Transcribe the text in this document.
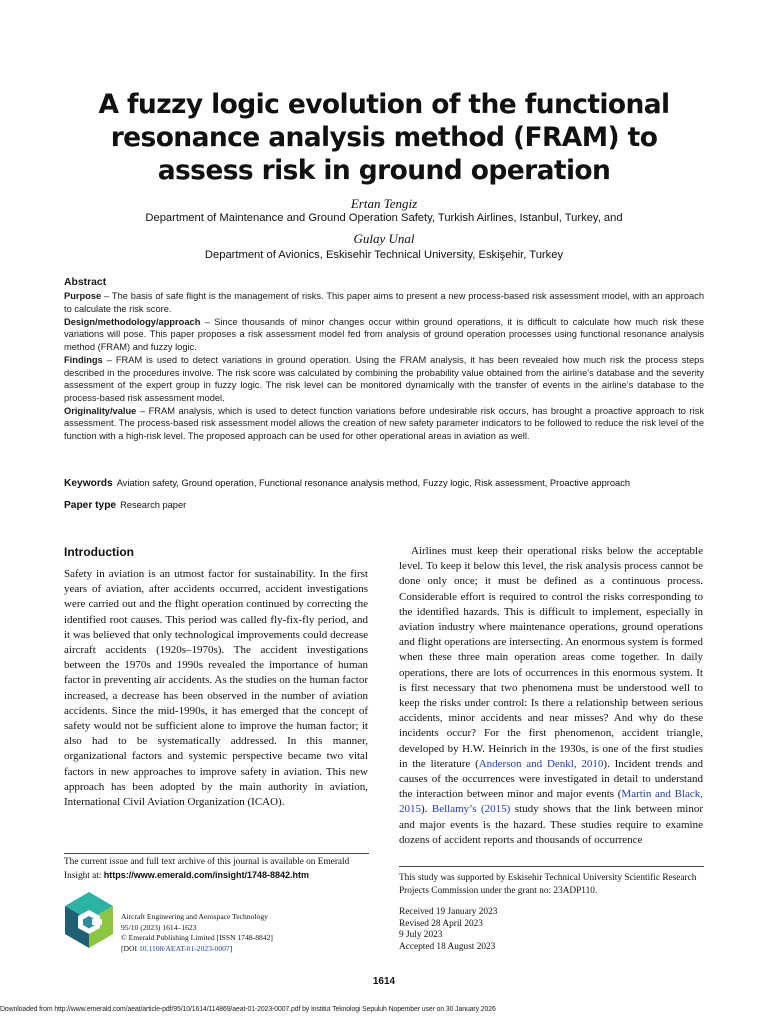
A fuzzy logic evolution of the functional resonance analysis method (FRAM) to assess risk in ground operation
Ertan Tengiz
Department of Maintenance and Ground Operation Safety, Turkish Airlines, Istanbul, Turkey, and
Gulay Unal
Department of Avionics, Eskisehir Technical University, Eskişehir, Turkey
Abstract

Purpose – The basis of safe flight is the management of risks. This paper aims to present a new process-based risk assessment model, with an approach to calculate the risk score.

Design/methodology/approach – Since thousands of minor changes occur within ground operations, it is difficult to calculate how much risk these variations will pose. This paper proposes a risk assessment model fed from analysis of ground operation processes using functional resonance analysis method (FRAM) and fuzzy logic.

Findings – FRAM is used to detect variations in ground operation. Using the FRAM analysis, it has been revealed how much risk the process steps described in the procedures involve. The risk score was calculated by combining the probability value obtained from the airline’s database and the severity assessment of the expert group in fuzzy logic. The risk level can be monitored dynamically with the transfer of events in the airline’s database to the process-based risk assessment model.

Originality/value – FRAM analysis, which is used to detect function variations before undesirable risk occurs, has brought a proactive approach to risk assessment. The process-based risk assessment model allows the creation of new safety parameter indicators to be followed to reduce the risk level of the function with a high-risk level. The proposed approach can be used for other operational areas in aviation as well.

Keywords Aviation safety, Ground operation, Functional resonance analysis method, Fuzzy logic, Risk assessment, Proactive approach
Paper type Research paper
Introduction

Safety in aviation is an utmost factor for sustainability. In the first years of aviation, after accidents occurred, accident investigations were carried out and the flight operation continued by correcting the identified root causes. This period was called fly-fix-fly period, and it was believed that only technological improvements could decrease aircraft accidents (1920s–1970s). The accident investigations between the 1970s and 1990s revealed the importance of human factor in preventing air accidents. As the studies on the human factor increased, a decrease has been observed in the number of aviation accidents. Since the mid-1990s, it has emerged that the concept of safety would not be sufficient alone to improve the human factor; it also had to be systematically addressed. In this manner, organizational factors and systemic perspective became two vital factors in new approaches to improve safety in aviation. This new approach has been adopted by the main authority in aviation, International Civil Aviation Organization (ICAO).

Airlines must keep their operational risks below the acceptable level. To keep it below this level, the risk analysis process cannot be done only once; it must be defined as a continuous process. Considerable effort is required to control the risks corresponding to the identified hazards. This is difficult to implement, especially in aviation industry where maintenance operations, ground operations and flight operations are intersecting. An enormous system is formed when these three main operation areas come together. In daily operations, there are lots of occurrences in this enormous system. It is first necessary that two phenomena must be understood well to keep the risks under control: Is there a relationship between serious accidents, minor accidents and near misses? And why do these incidents occur? For the first phenomenon, accident triangle, developed by H.W. Heinrich in the 1930s, is one of the first studies in the literature (Anderson and Denkl, 2010). Incident trends and causes of the occurrences were investigated in detail to understand the interaction between minor and major events (Martin and Black, 2015). Bellamy’s (2015) study shows that the link between minor and major events is the hazard. These studies require to examine dozens of accident reports and thousands of occurrence

The current issue and full text archive of this journal is available on Emerald Insight at: https://www.emerald.com/insight/1748-8842.htm
Aircraft Engineering and Aerospace Technology
95/10 (2023) 1614–1623
© Emerald Publishing Limited [ISSN 1748-8842]
[DOI 10.1108/AEAT-01-2023-0007]
This study was supported by Eskisehir Technical University Scientific Research Projects Commission under the grant no: 23ADP110.
Received 19 January 2023
Revised 28 April 2023
9 July 2023
Accepted 18 August 2023
1614
Downloaded from http://www.emerald.com/aeat/article-pdf/95/10/1614/114869/aeat-01-2023-0007.pdf by Institut Teknologi Sepuluh Nopember user on 30 January 2026
